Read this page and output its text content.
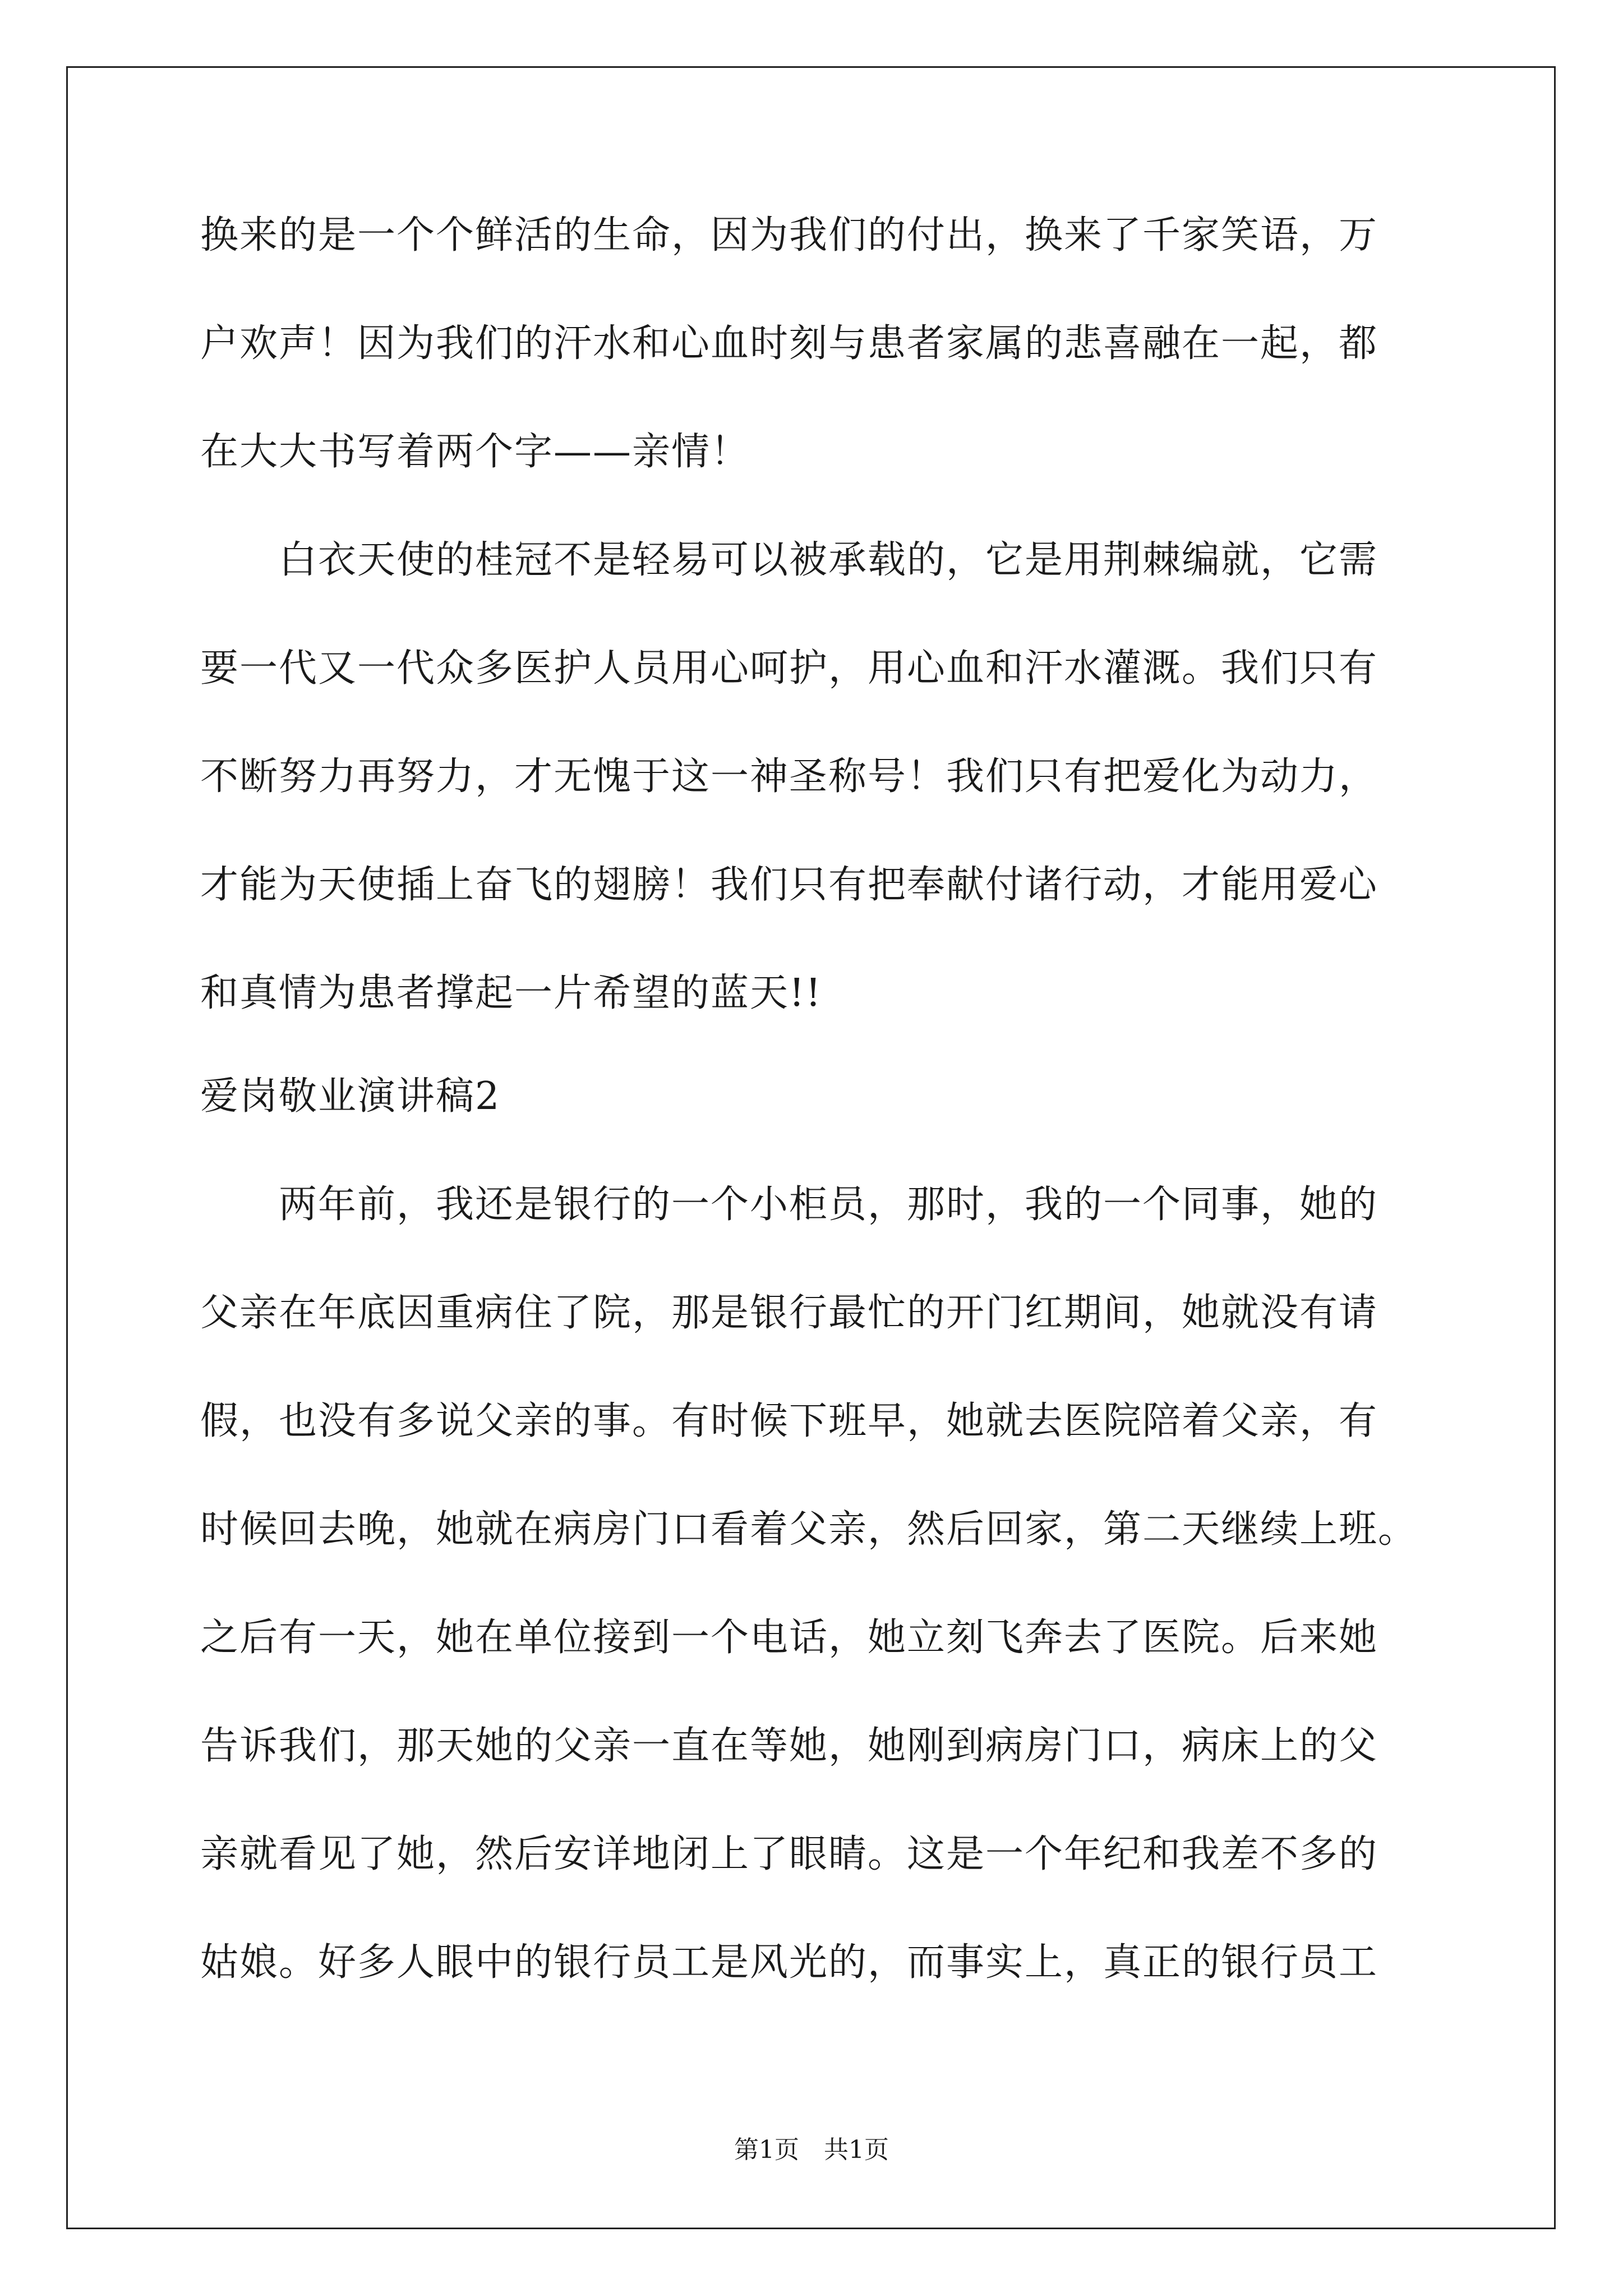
换来的是一个个鲜活的生命，因为我们的付出，换来了千家笑语，万
户欢声！因为我们的汗水和心血时刻与患者家属的悲喜融在一起，都
在大大书写着两个字——亲情！
白衣天使的桂冠不是轻易可以被承载的，它是用荆棘编就，它需
要一代又一代众多医护人员用心呵护，用心血和汗水灌溉。我们只有
不断努力再努力，才无愧于这一神圣称号！我们只有把爱化为动力，
才能为天使插上奋飞的翅膀！我们只有把奉献付诸行动，才能用爱心
和真情为患者撑起一片希望的蓝天!!
爱岗敬业演讲稿2
两年前，我还是银行的一个小柜员，那时，我的一个同事，她的
父亲在年底因重病住了院，那是银行最忙的开门红期间，她就没有请
假，也没有多说父亲的事。有时候下班早，她就去医院陪着父亲，有
时候回去晚，她就在病房门口看着父亲，然后回家，第二天继续上班。
之后有一天，她在单位接到一个电话，她立刻飞奔去了医院。后来她
告诉我们，那天她的父亲一直在等她，她刚到病房门口，病床上的父
亲就看见了她，然后安详地闭上了眼睛。这是一个年纪和我差不多的
姑娘。好多人眼中的银行员工是风光的，而事实上，真正的银行员工
第1页　共1页
